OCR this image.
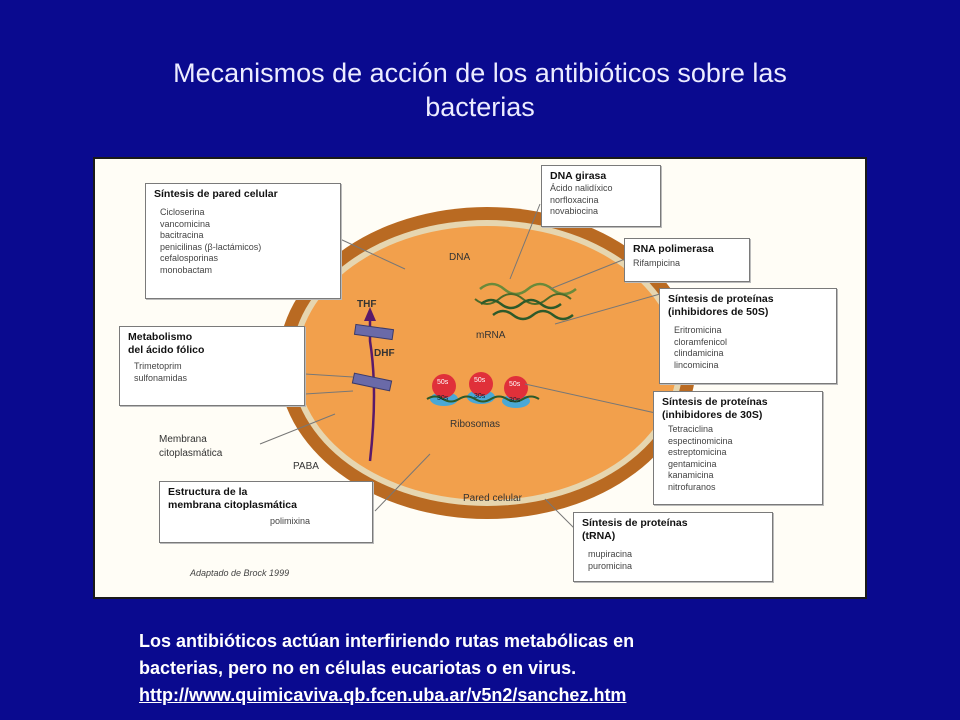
Mecanismos de acción de los antibióticos sobre las
bacterias
DNA
mRNA
Ribosomas
THF
DHF
PABA
Membrana
citoplasmática
Pared celular
50s	50s
50s
30s	30s
30s
Síntesis de pared celular
Cicloserina
vancomicina
bacitracina
penicilinas (β-lactámicos)
cefalosporinas
monobactam
Metabolismo
del ácido fólico
Trimetoprim
sulfonamidas
Estructura de la
membrana citoplasmática
polimixina
DNA girasa
Ácido nalidíxico
norfloxacina
novabiocina
RNA polimerasa
Rifampicina
Síntesis de proteínas
(inhibidores de 50S)
Eritromicina
cloramfenicol
clindamicina
lincomicina
Síntesis de proteínas
(inhibidores de 30S)
Tetraciclina
espectinomicina
estreptomicina
gentamicina
kanamicina
nitrofuranos
Síntesis de proteínas
(tRNA)
mupiracina
puromicina
Adaptado de Brock 1999
Los antibióticos actúan interfiriendo rutas metabólicas en
bacterias, pero no en células eucariotas o en virus.
http://www.quimicaviva.qb.fcen.uba.ar/v5n2/sanchez.htm
